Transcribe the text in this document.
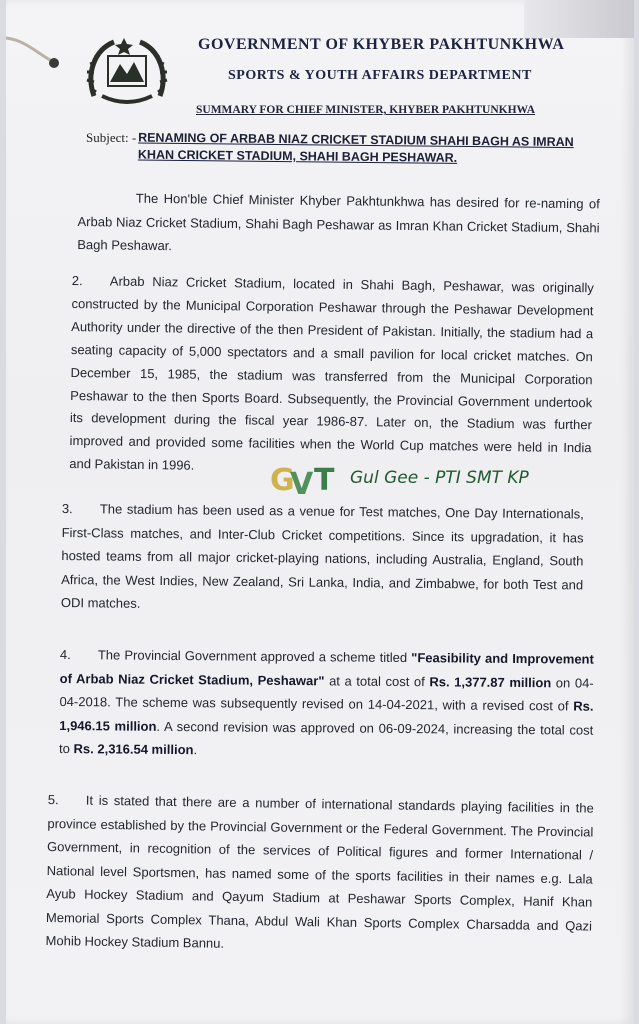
GOVERNMENT OF KHYBER PAKHTUNKHWA
SPORTS & YOUTH AFFAIRS DEPARTMENT
SUMMARY FOR CHIEF MINISTER, KHYBER PAKHTUNKHWA
Subject: - RENAMING OF ARBAB NIAZ CRICKET STADIUM SHAHI BAGH AS IMRAN KHAN CRICKET STADIUM, SHAHI BAGH PESHAWAR.
The Hon'ble Chief Minister Khyber Pakhtunkhwa has desired for re-naming of Arbab Niaz Cricket Stadium, Shahi Bagh Peshawar as Imran Khan Cricket Stadium, Shahi Bagh Peshawar.
2. Arbab Niaz Cricket Stadium, located in Shahi Bagh, Peshawar, was originally constructed by the Municipal Corporation Peshawar through the Peshawar Development Authority under the directive of the then President of Pakistan. Initially, the stadium had a seating capacity of 5,000 spectators and a small pavilion for local cricket matches. On December 15, 1985, the stadium was transferred from the Municipal Corporation Peshawar to the then Sports Board. Subsequently, the Provincial Government undertook its development during the fiscal year 1986-87. Later on, the Stadium was further improved and provided some facilities when the World Cup matches were held in India and Pakistan in 1996.	G
V T Gul Gee - PTI SMT KP
3. The stadium has been used as a venue for Test matches, One Day Internationals, First-Class matches, and Inter-Club Cricket competitions. Since its upgradation, it has hosted teams from all major cricket-playing nations, including Australia, England, South Africa, the West Indies, New Zealand, Sri Lanka, India, and Zimbabwe, for both Test and ODI matches.
4. The Provincial Government approved a scheme titled "Feasibility and Improvement of Arbab Niaz Cricket Stadium, Peshawar" at a total cost of Rs. 1,377.87 million on 04-04-2018. The scheme was subsequently revised on 14-04-2021, with a revised cost of Rs. 1,946.15 million. A second revision was approved on 06-09-2024, increasing the total cost to Rs. 2,316.54 million.
5. It is stated that there are a number of international standards playing facilities in the province established by the Provincial Government or the Federal Government. The Provincial Government, in recognition of the services of Political figures and former International / National level Sportsmen, has named some of the sports facilities in their names e.g. Lala Ayub Hockey Stadium and Qayum Stadium at Peshawar Sports Complex, Hanif Khan Memorial Sports Complex Thana, Abdul Wali Khan Sports Complex Charsadda and Qazi Mohib Hockey Stadium Bannu.
